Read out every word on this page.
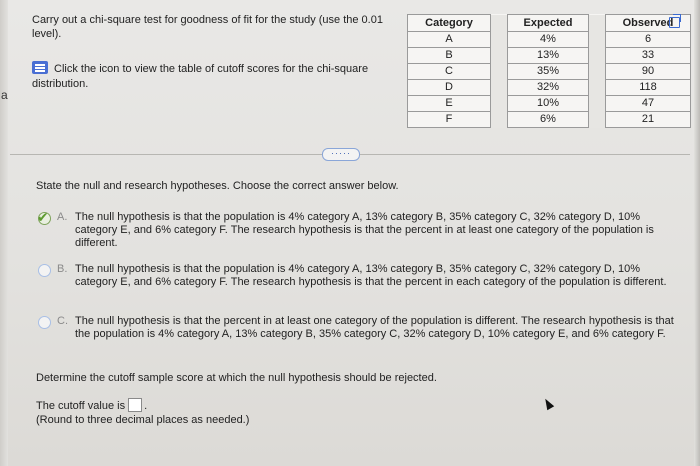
a
Carry out a chi-square test for goodness of fit for the study (use the 0.01 level).
Click the icon to view the table of cutoff scores for the chi-square distribution.
Category		Expected		Observed
A		4%		6
B		13%		33
C		35%		90
D		32%		118
E		10%		47
F		6%		21
·····
State the null and research hypotheses. Choose the correct answer below.
✔ A. The null hypothesis is that the population is 4% category A, 13% category B, 35% category C, 32% category D, 10% category E, and 6% category F. The research hypothesis is that the percent in at least one category of the population is different.
B. The null hypothesis is that the population is 4% category A, 13% category B, 35% category C, 32% category D, 10% category E, and 6% category F. The research hypothesis is that the percent in each category of the population is different.
C. The null hypothesis is that the percent in at least one category of the population is different. The research hypothesis is that the population is 4% category A, 13% category B, 35% category C, 32% category D, 10% category E, and 6% category F.
Determine the cutoff sample score at which the null hypothesis should be rejected.
The cutoff value is .
(Round to three decimal places as needed.)
